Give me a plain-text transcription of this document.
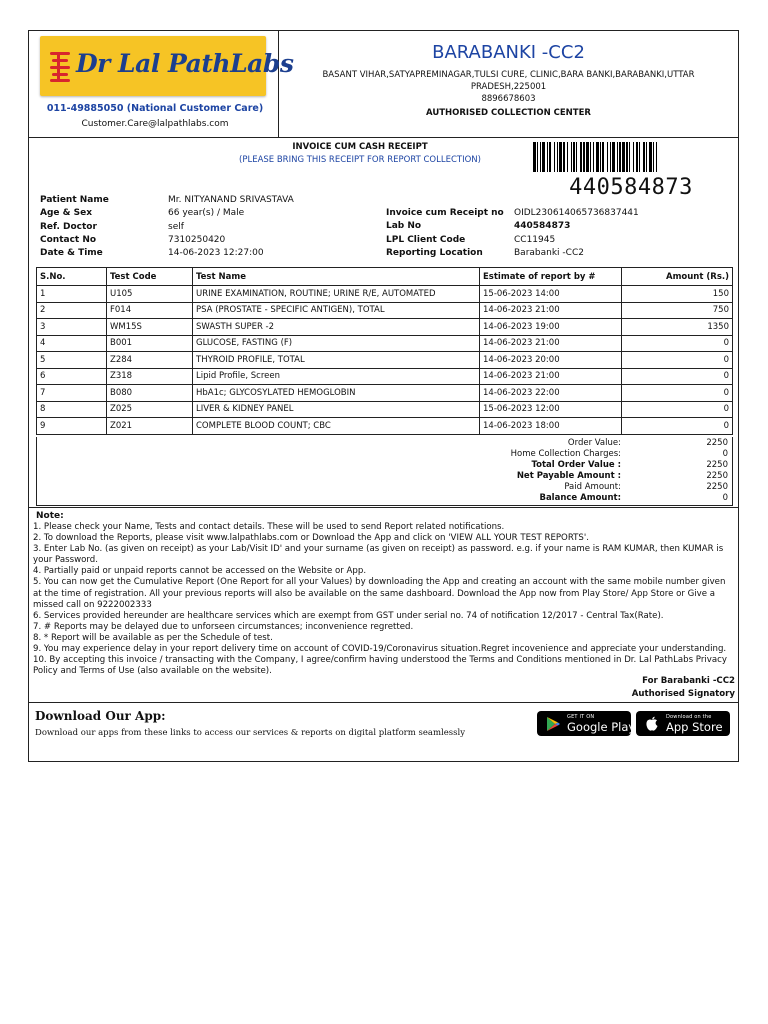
Dr Lal PathLabs
011-49885050 (National Customer Care)
Customer.Care@lalpathlabs.com
BARABANKI -CC2
BASANT VIHAR,SATYAPREMINAGAR,TULSI CURE, CLINIC,BARA BANKI,BARABANKI,UTTAR PRADESH,225001
8896678603
AUTHORISED COLLECTION CENTER
INVOICE CUM CASH RECEIPT
(PLEASE BRING THIS RECEIPT FOR REPORT COLLECTION)
440584873
Patient Name	Mr. NITYANAND SRIVASTAVA
Age & Sex	66 year(s) / Male
Ref. Doctor	self
Contact No	7310250420
Date & Time	14-06-2023 12:27:00
Invoice cum Receipt no OIDL230614065736837441
Lab No	440584873
LPL Client Code	CC11945
Reporting Location	Barabanki -CC2
S.No.	Test Code	Test Name	Estimate of report by #	Amount (Rs.)
1	U105	URINE EXAMINATION, ROUTINE; URINE R/E, AUTOMATED	15-06-2023 14:00	150
2	F014	PSA (PROSTATE - SPECIFIC ANTIGEN), TOTAL	14-06-2023 21:00	750
3	WM15S	SWASTH SUPER -2	14-06-2023 19:00	1350
4	B001	GLUCOSE, FASTING (F)	14-06-2023 21:00	0
5	Z284	THYROID PROFILE, TOTAL	14-06-2023 20:00	0
6	Z318	Lipid Profile, Screen	14-06-2023 21:00	0
7	B080	HbA1c; GLYCOSYLATED HEMOGLOBIN	14-06-2023 22:00	0
8	Z025	LIVER & KIDNEY PANEL	15-06-2023 12:00	0
9	Z021	COMPLETE BLOOD COUNT; CBC	14-06-2023 18:00	0
Order Value:	2250
Home Collection Charges:	0
Total Order Value :	2250
Net Payable Amount :	2250
Paid Amount:	2250
Balance Amount:	0
Note:
1. Please check your Name, Tests and contact details. These will be used to send Report related notifications.
2. To download the Reports, please visit www.lalpathlabs.com or Download the App and click on 'VIEW ALL YOUR TEST REPORTS'.
3. Enter Lab No. (as given on receipt) as your Lab/Visit ID' and your surname (as given on receipt) as password. e.g. if your name is RAM KUMAR, then KUMAR is your Password.
4. Partially paid or unpaid reports cannot be accessed on the Website or App.
5. You can now get the Cumulative Report (One Report for all your Values) by downloading the App and creating an account with the same mobile number given at the time of registration. All your previous reports will also be available on the same dashboard. Download the App now from Play Store/ App Store or Give a missed call on 9222002333
6. Services provided hereunder are healthcare services which are exempt from GST under serial no. 74 of notification 12/2017 - Central Tax(Rate).
7. # Reports may be delayed due to unforseen circumstances; inconvenience regretted.
8. * Report will be available as per the Schedule of test.
9. You may experience delay in your report delivery time on account of COVID-19/Coronavirus situation.Regret incovenience and appreciate your understanding.
10. By accepting this invoice / transacting with the Company, I agree/confirm having understood the Terms and Conditions mentioned in Dr. Lal PathLabs Privacy Policy and Terms of Use (also available on the website).
For Barabanki -CC2
Authorised Signatory
Download Our App:
Download our apps from these links to access our services & reports on digital platform seamlessly
GET IT ON
Google Play
Download on the
App Store
